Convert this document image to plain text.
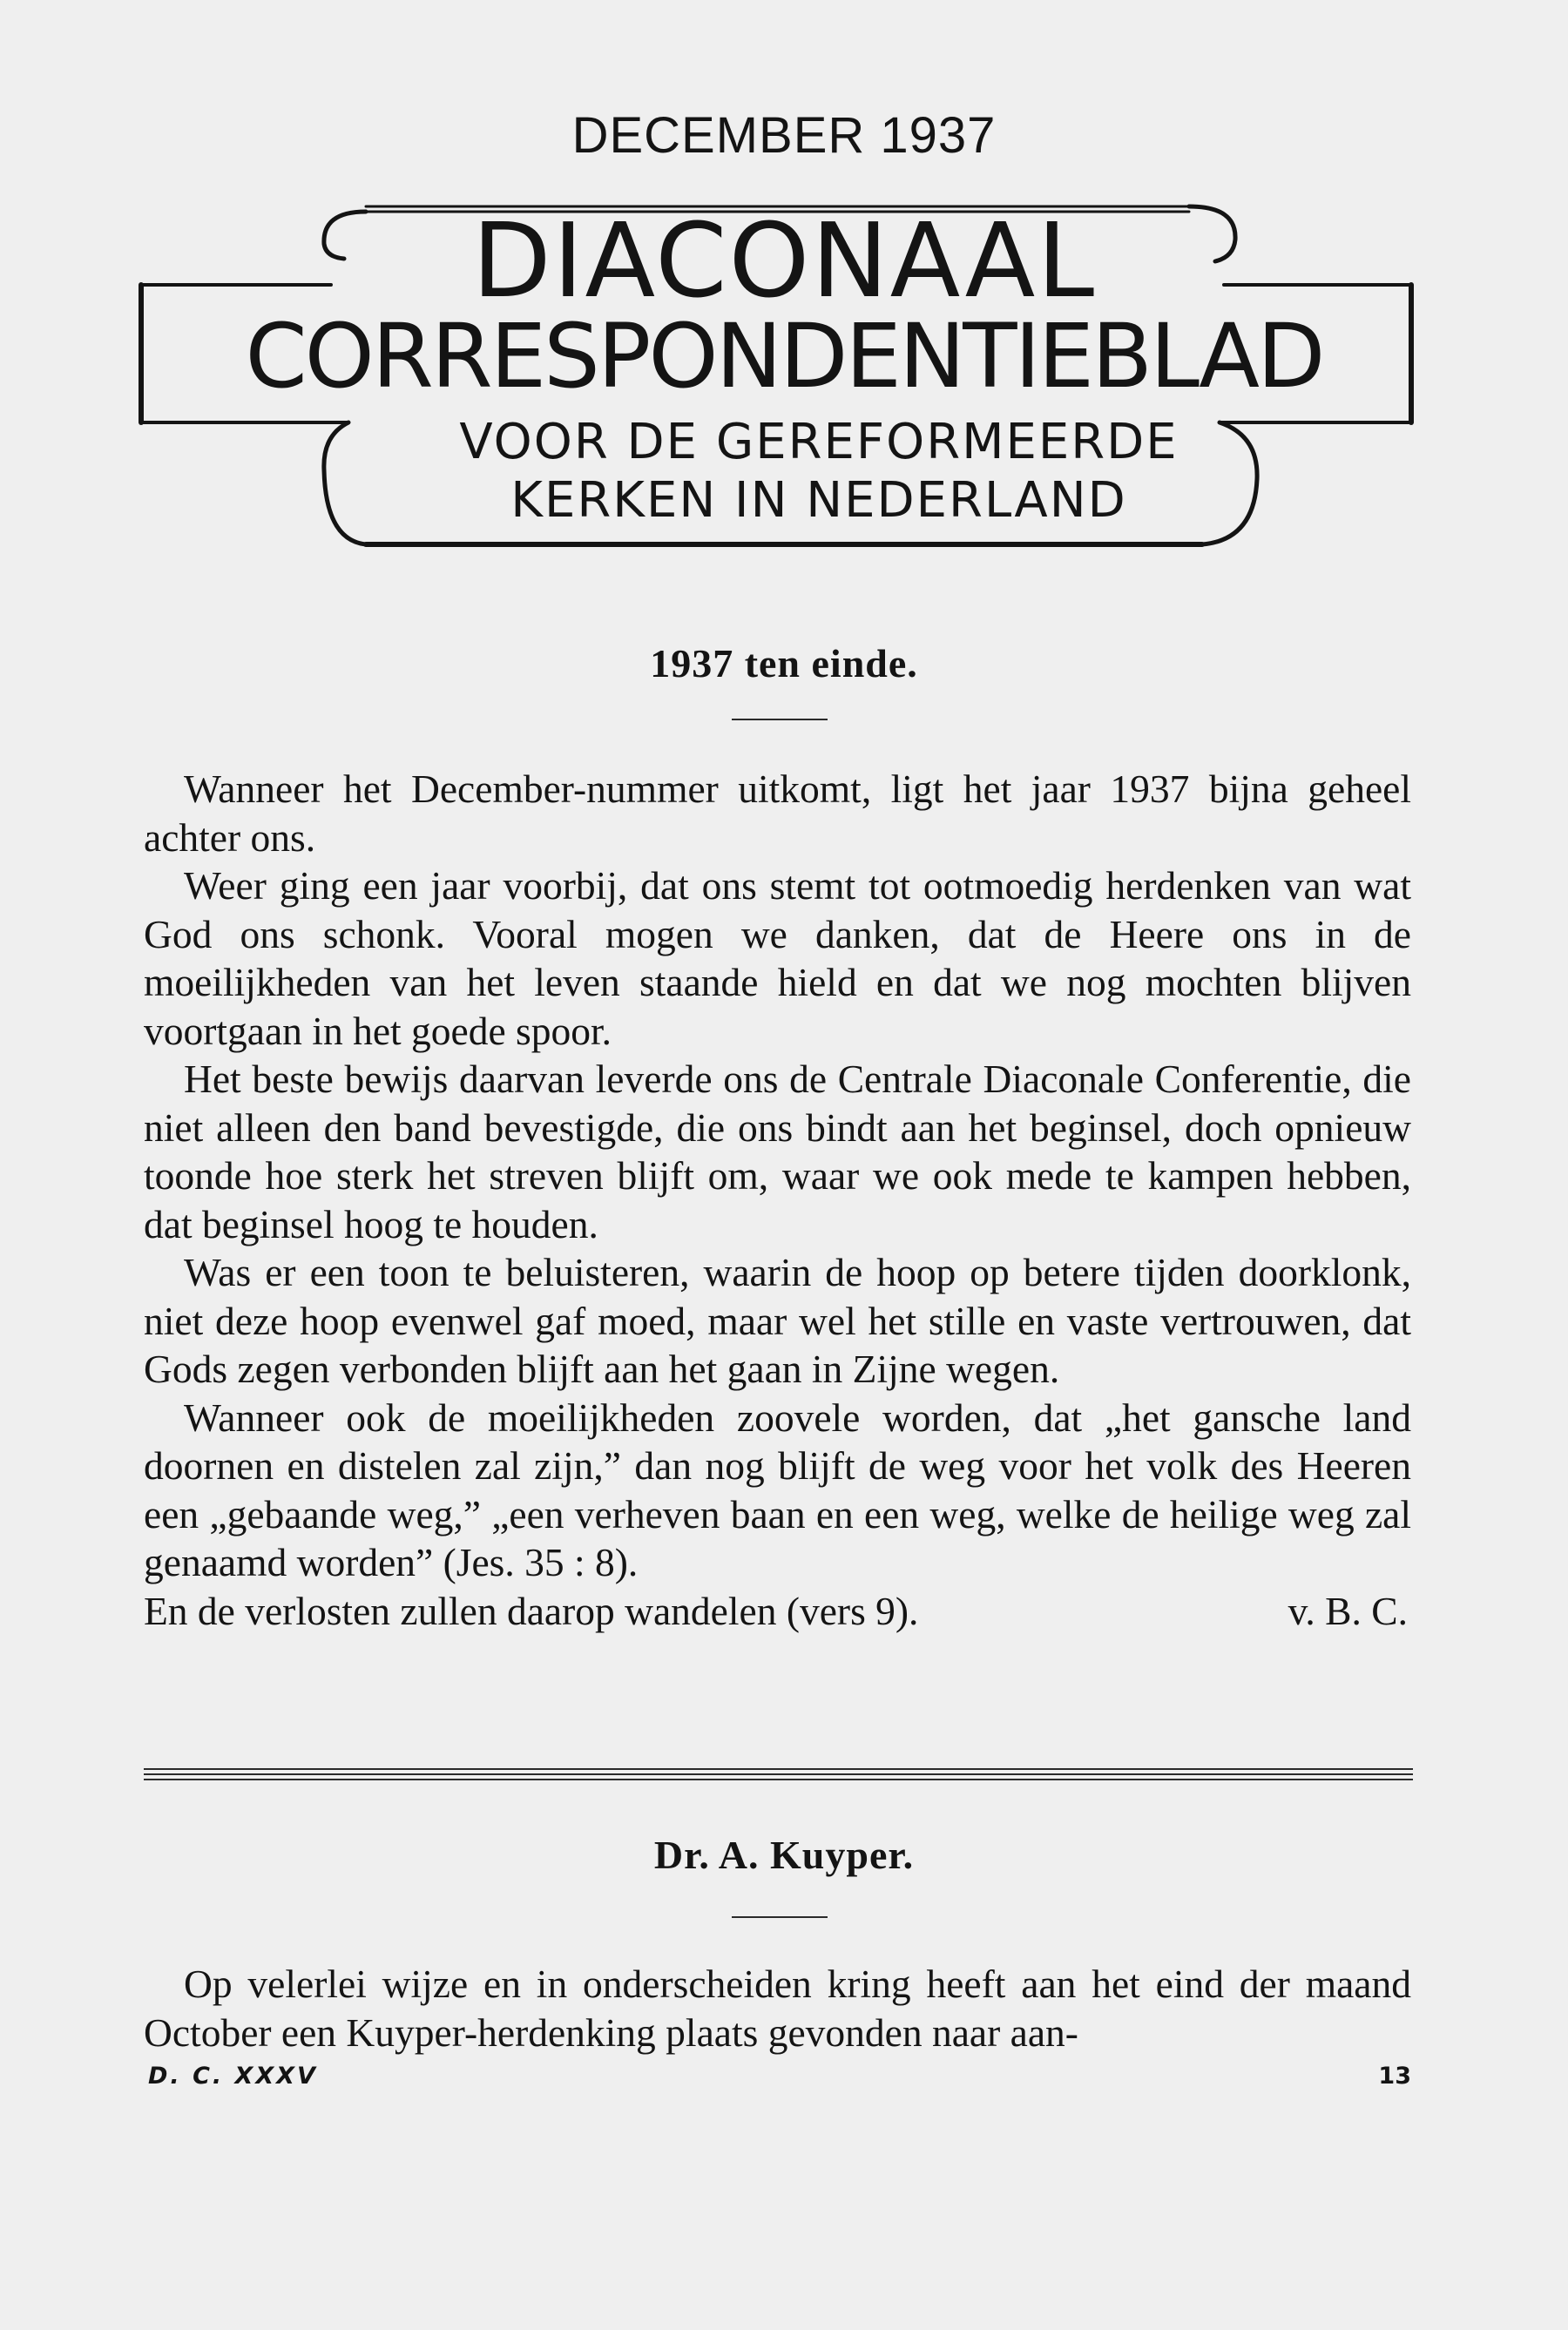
DECEMBER 1937
DIACONAAL
CORRESPONDENTIEBLAD
VOOR DE GEREFORMEERDE
KERKEN IN NEDERLAND
1937 ten einde.

Wanneer het December-nummer uitkomt, ligt het jaar 1937 bijna geheel achter ons.

Weer ging een jaar voorbij, dat ons stemt tot ootmoedig herdenken van wat God ons schonk. Vooral mogen we danken, dat de Heere ons in de moeilijkheden van het leven staande hield en dat we nog mochten blijven voortgaan in het goede spoor.

Het beste bewijs daarvan leverde ons de Centrale Diaconale Conferentie, die niet alleen den band bevestigde, die ons bindt aan het beginsel, doch opnieuw toonde hoe sterk het streven blijft om, waar we ook mede te kampen hebben, dat beginsel hoog te houden.

Was er een toon te beluisteren, waarin de hoop op betere tijden doorklonk, niet deze hoop evenwel gaf moed, maar wel het stille en vaste vertrouwen, dat Gods zegen verbonden blijft aan het gaan in Zijne wegen.

Wanneer ook de moeilijkheden zoovele worden, dat „het gansche land doornen en distelen zal zijn,” dan nog blijft de weg voor het volk des Heeren een „gebaande weg,” „een verheven baan en een weg, welke de heilige weg zal genaamd worden” (Jes. 35 : 8).

En de verlosten zullen daarop wandelen (vers 9).	v. B. C.

Dr. A. Kuyper.

Op velerlei wijze en in onderscheiden kring heeft aan het eind der maand October een Kuyper-herdenking plaats gevonden naar aan-

D. C. XXXV	13
